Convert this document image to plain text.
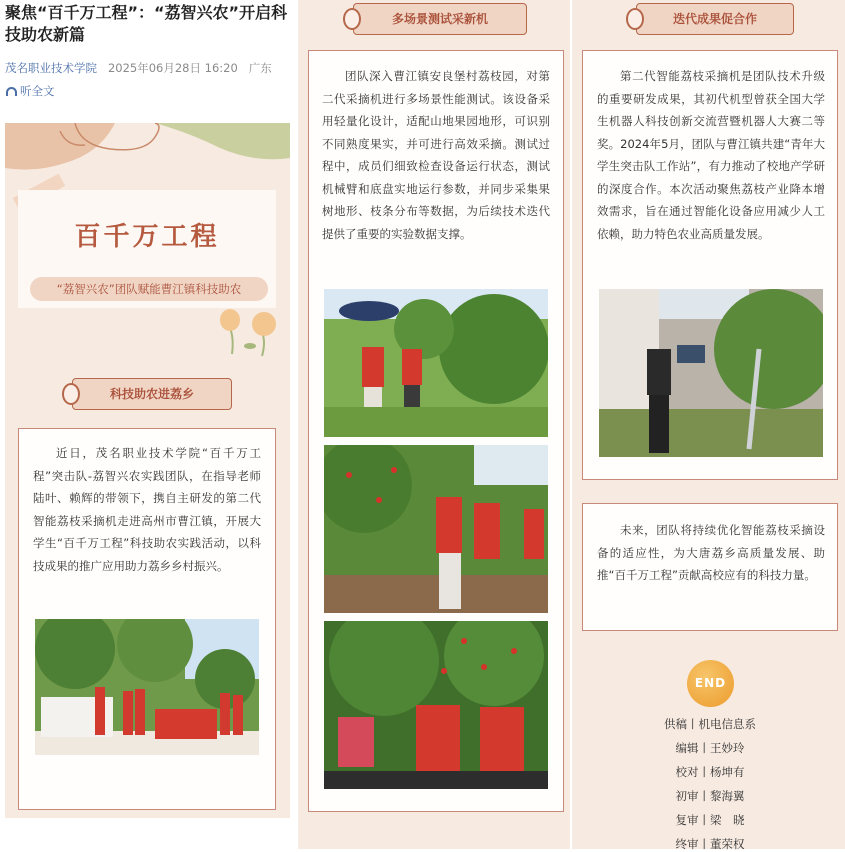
聚焦“百千万工程”：“荔智兴农”开启科技助农新篇
茂名职业技术学院 2025年06月28日 16:20 广东
听全文
百千万工程
“荔智兴农”团队赋能曹江镇科技助农
科技助农进荔乡
近日，茂名职业技术学院“百千万工程”突击队-荔智兴农实践团队，在指导老师陆叶、赖辉的带领下，携自主研发的第二代智能荔枝采摘机走进高州市曹江镇，开展大学生“百千万工程”科技助农实践活动，以科技成果的推广应用助力荔乡乡村振兴。
多场景测试采新机
团队深入曹江镇安良堡村荔枝园，对第二代采摘机进行多场景性能测试。该设备采用轻量化设计，适配山地果园地形，可识别不同熟度果实，并可进行高效采摘。测试过程中，成员们细致检查设备运行状态，测试机械臂和底盘实地运行参数，并同步采集果树地形、枝条分布等数据，为后续技术迭代提供了重要的实验数据支撑。
迭代成果促合作
第二代智能荔枝采摘机是团队技术升级的重要研发成果，其初代机型曾获全国大学生机器人科技创新交流营暨机器人大赛二等奖。2024年5月，团队与曹江镇共建“青年大学生突击队工作站”，有力推动了校地产学研的深度合作。本次活动聚焦荔枝产业降本增效需求，旨在通过智能化设备应用减少人工依赖，助力特色农业高质量发展。
未来，团队将持续优化智能荔枝采摘设备的适应性，为大唐荔乡高质量发展、助推“百千万工程”贡献高校应有的科技力量。
END
供稿丨机电信息系
编辑丨王妙玲
校对丨杨坤有
初审丨黎海翼
复审丨梁　晓
终审丨董荣权
